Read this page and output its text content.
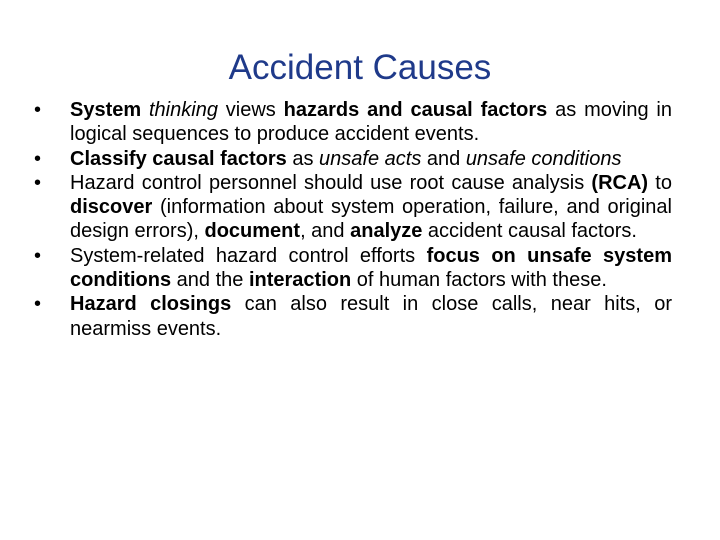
Accident Causes
•	System thinking views hazards and causal factors as moving in logical sequences to produce accident events.
•	Classify causal factors as unsafe acts and unsafe conditions
•	Hazard control personnel should use root cause analysis (RCA) to discover (information about system operation, failure, and original design errors), document, and analyze accident causal factors.
•	System-related hazard control efforts focus on unsafe system conditions and the interaction of human factors with these.
•	Hazard closings can also result in close calls, near hits, or nearmiss events.
